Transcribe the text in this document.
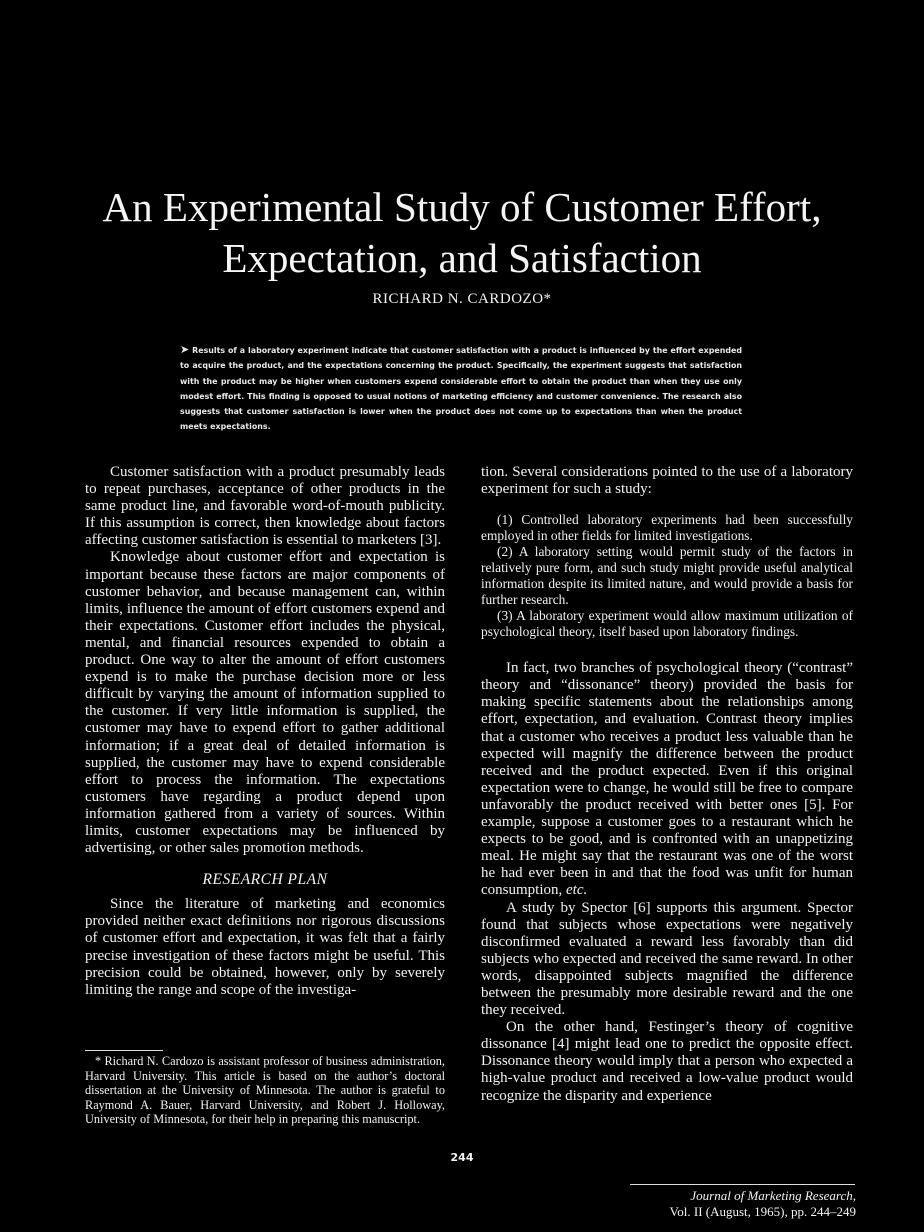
An Experimental Study of Customer Effort,
Expectation, and Satisfaction
RICHARD N. CARDOZO*
➤ Results of a laboratory experiment indicate that customer satisfaction with a product is influenced by the effort expended to acquire the product, and the expectations concerning the product. Specifically, the experiment suggests that satisfaction with the product may be higher when customers expend considerable effort to obtain the product than when they use only modest effort. This finding is opposed to usual notions of marketing efficiency and customer convenience. The research also suggests that customer satisfaction is lower when the product does not come up to expectations than when the product meets expectations.

Customer satisfaction with a product presumably leads to repeat purchases, acceptance of other products in the same product line, and favorable word-of-mouth publicity. If this assumption is correct, then knowledge about factors affecting customer satisfaction is essential to marketers [3].

Knowledge about customer effort and expectation is important because these factors are major components of customer behavior, and because management can, within limits, influence the amount of effort customers expend and their expectations. Customer effort includes the physical, mental, and financial resources expended to obtain a product. One way to alter the amount of effort customers expend is to make the purchase decision more or less difficult by varying the amount of information supplied to the customer. If very little information is supplied, the customer may have to expend effort to gather additional information; if a great deal of detailed information is supplied, the customer may have to expend considerable effort to process the information. The expectations customers have regarding a product depend upon information gathered from a variety of sources. Within limits, customer expectations may be influenced by advertising, or other sales promotion methods.

RESEARCH PLAN

Since the literature of marketing and economics provided neither exact definitions nor rigorous discussions of customer effort and expectation, it was felt that a fairly precise investigation of these factors might be useful. This precision could be obtained, however, only by severely limiting the range and scope of the investiga-

tion. Several considerations pointed to the use of a laboratory experiment for such a study:

(1) Controlled laboratory experiments had been successfully employed in other fields for limited investigations.

(2) A laboratory setting would permit study of the factors in relatively pure form, and such study might provide useful analytical information despite its limited nature, and would provide a basis for further research.

(3) A laboratory experiment would allow maximum utilization of psychological theory, itself based upon laboratory findings.

In fact, two branches of psychological theory (“contrast” theory and “dissonance” theory) provided the basis for making specific statements about the relationships among effort, expectation, and evaluation. Contrast theory implies that a customer who receives a product less valuable than he expected will magnify the difference between the product received and the product expected. Even if this original expectation were to change, he would still be free to compare unfavorably the product received with better ones [5]. For example, suppose a customer goes to a restaurant which he expects to be good, and is confronted with an unappetizing meal. He might say that the restaurant was one of the worst he had ever been in and that the food was unfit for human consumption, etc.

A study by Spector [6] supports this argument. Spector found that subjects whose expectations were negatively disconfirmed evaluated a reward less favorably than did subjects who expected and received the same reward. In other words, disappointed subjects magnified the difference between the presumably more desirable reward and the one they received.

On the other hand, Festinger’s theory of cognitive dissonance [4] might lead one to predict the opposite effect. Dissonance theory would imply that a person who expected a high-value product and received a low-value product would recognize the disparity and experience

* Richard N. Cardozo is assistant professor of business administration, Harvard University. This article is based on the author’s doctoral dissertation at the University of Minnesota. The author is grateful to Raymond A. Bauer, Harvard University, and Robert J. Holloway, University of Minnesota, for their help in preparing this manuscript.
244
Journal of Marketing Research,
Vol. II (August, 1965), pp. 244–249
